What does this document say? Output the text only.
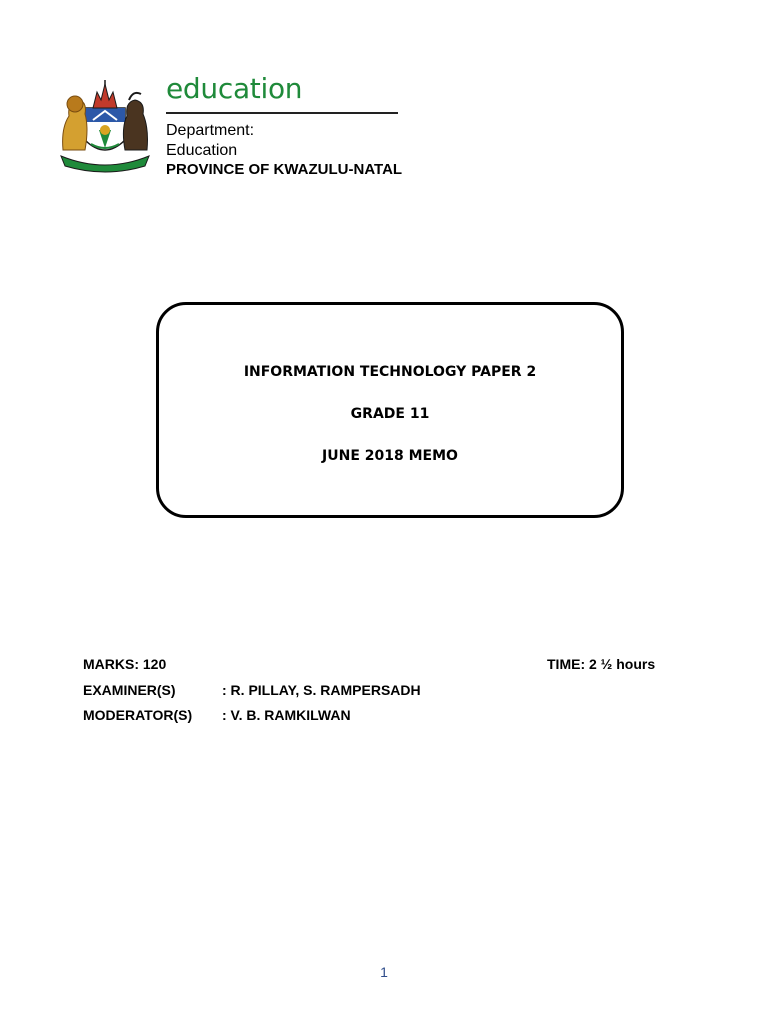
education
Department:
Education
PROVINCE OF KWAZULU-NATAL
INFORMATION TECHNOLOGY PAPER 2
GRADE 11
JUNE 2018 MEMO
MARKS: 120	TIME: 2 ½ hours
EXAMINER(S)	: R. PILLAY, S. RAMPERSADH
MODERATOR(S) : V. B. RAMKILWAN
1
